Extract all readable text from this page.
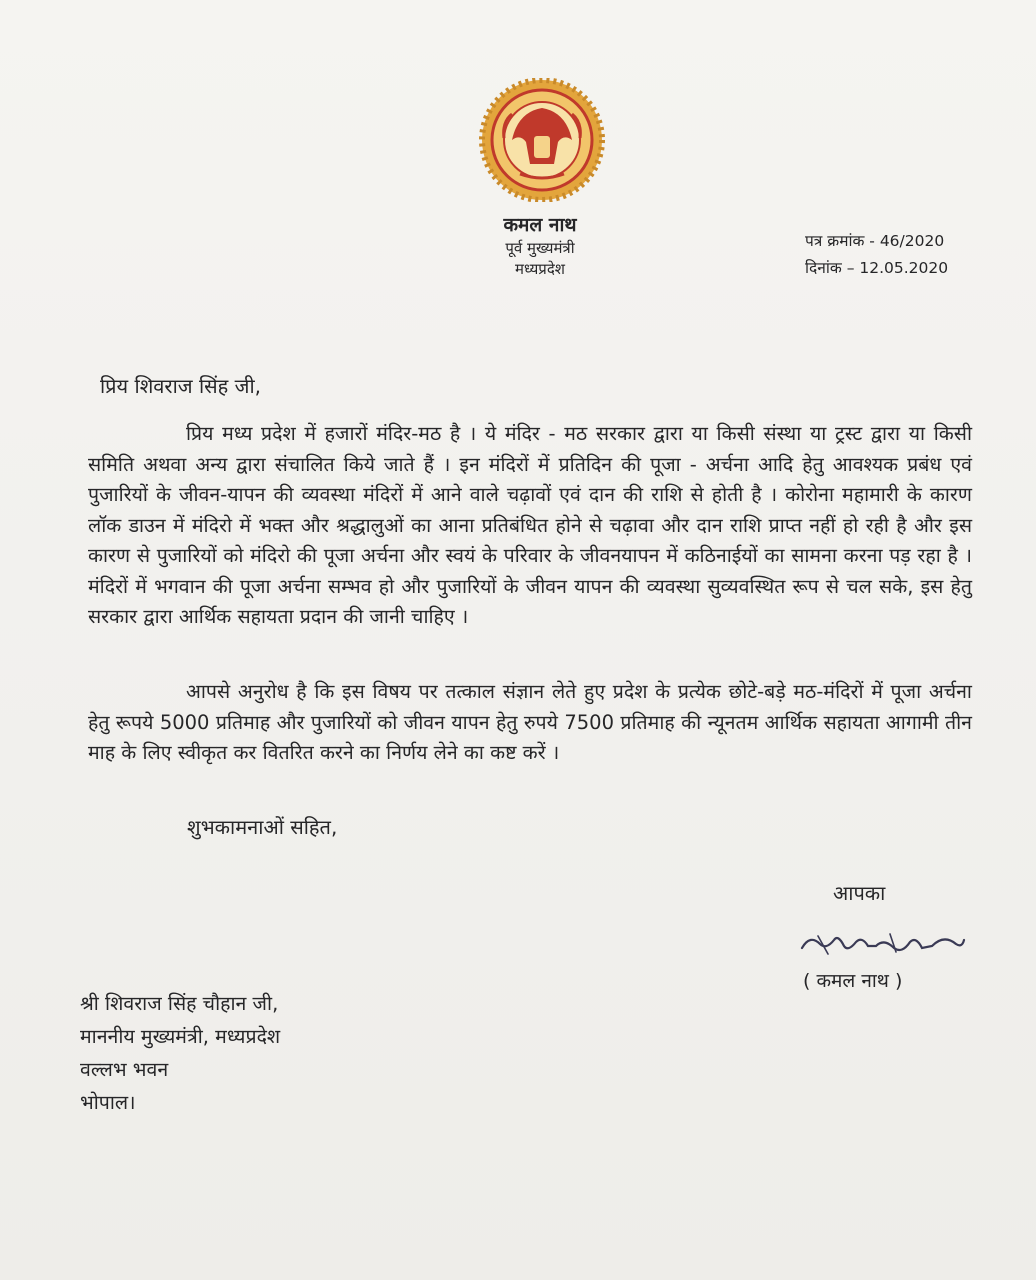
कमल नाथ
पूर्व मुख्यमंत्री
मध्यप्रदेश
पत्र क्रमांक - 46/2020
दिनांक – 12.05.2020
प्रिय शिवराज सिंह जी,

प्रिय मध्य प्रदेश में हजारों मंदिर-मठ है । ये मंदिर - मठ सरकार द्वारा या किसी संस्था या ट्रस्ट द्वारा या किसी समिति अथवा अन्य द्वारा संचालित किये जाते हैं । इन मंदिरों में प्रतिदिन की पूजा - अर्चना आदि हेतु आवश्यक प्रबंध एवं पुजारियों के जीवन-यापन की व्यवस्था मंदिरों में आने वाले चढ़ावों एवं दान की राशि से होती है । कोरोना महामारी के कारण लॉक डाउन में मंदिरो में भक्त और श्रद्धालुओं का आना प्रतिबंधित होने से चढ़ावा और दान राशि प्राप्त नहीं हो रही है और इस कारण से पुजारियों को मंदिरो की पूजा अर्चना और स्वयं के परिवार के जीवनयापन में कठिनाईयों का सामना करना पड़ रहा है । मंदिरों में भगवान की पूजा अर्चना सम्भव हो और पुजारियों के जीवन यापन की व्यवस्था सुव्यवस्थित रूप से चल सके, इस हेतु सरकार द्वारा आर्थिक सहायता प्रदान की जानी चाहिए ।

आपसे अनुरोध है कि इस विषय पर तत्काल संज्ञान लेते हुए प्रदेश के प्रत्येक छोटे-बड़े मठ-मंदिरों में पूजा अर्चना हेतु रूपये 5000 प्रतिमाह और पुजारियों को जीवन यापन हेतु रुपये 7500 प्रतिमाह की न्यूनतम आर्थिक सहायता आगामी तीन माह के लिए स्वीकृत कर वितरित करने का निर्णय लेने का कष्ट करें ।

शुभकामनाओं सहित,
आपका
( कमल नाथ )
श्री शिवराज सिंह चौहान जी,
माननीय मुख्यमंत्री, मध्यप्रदेश
वल्लभ भवन
भोपाल।
